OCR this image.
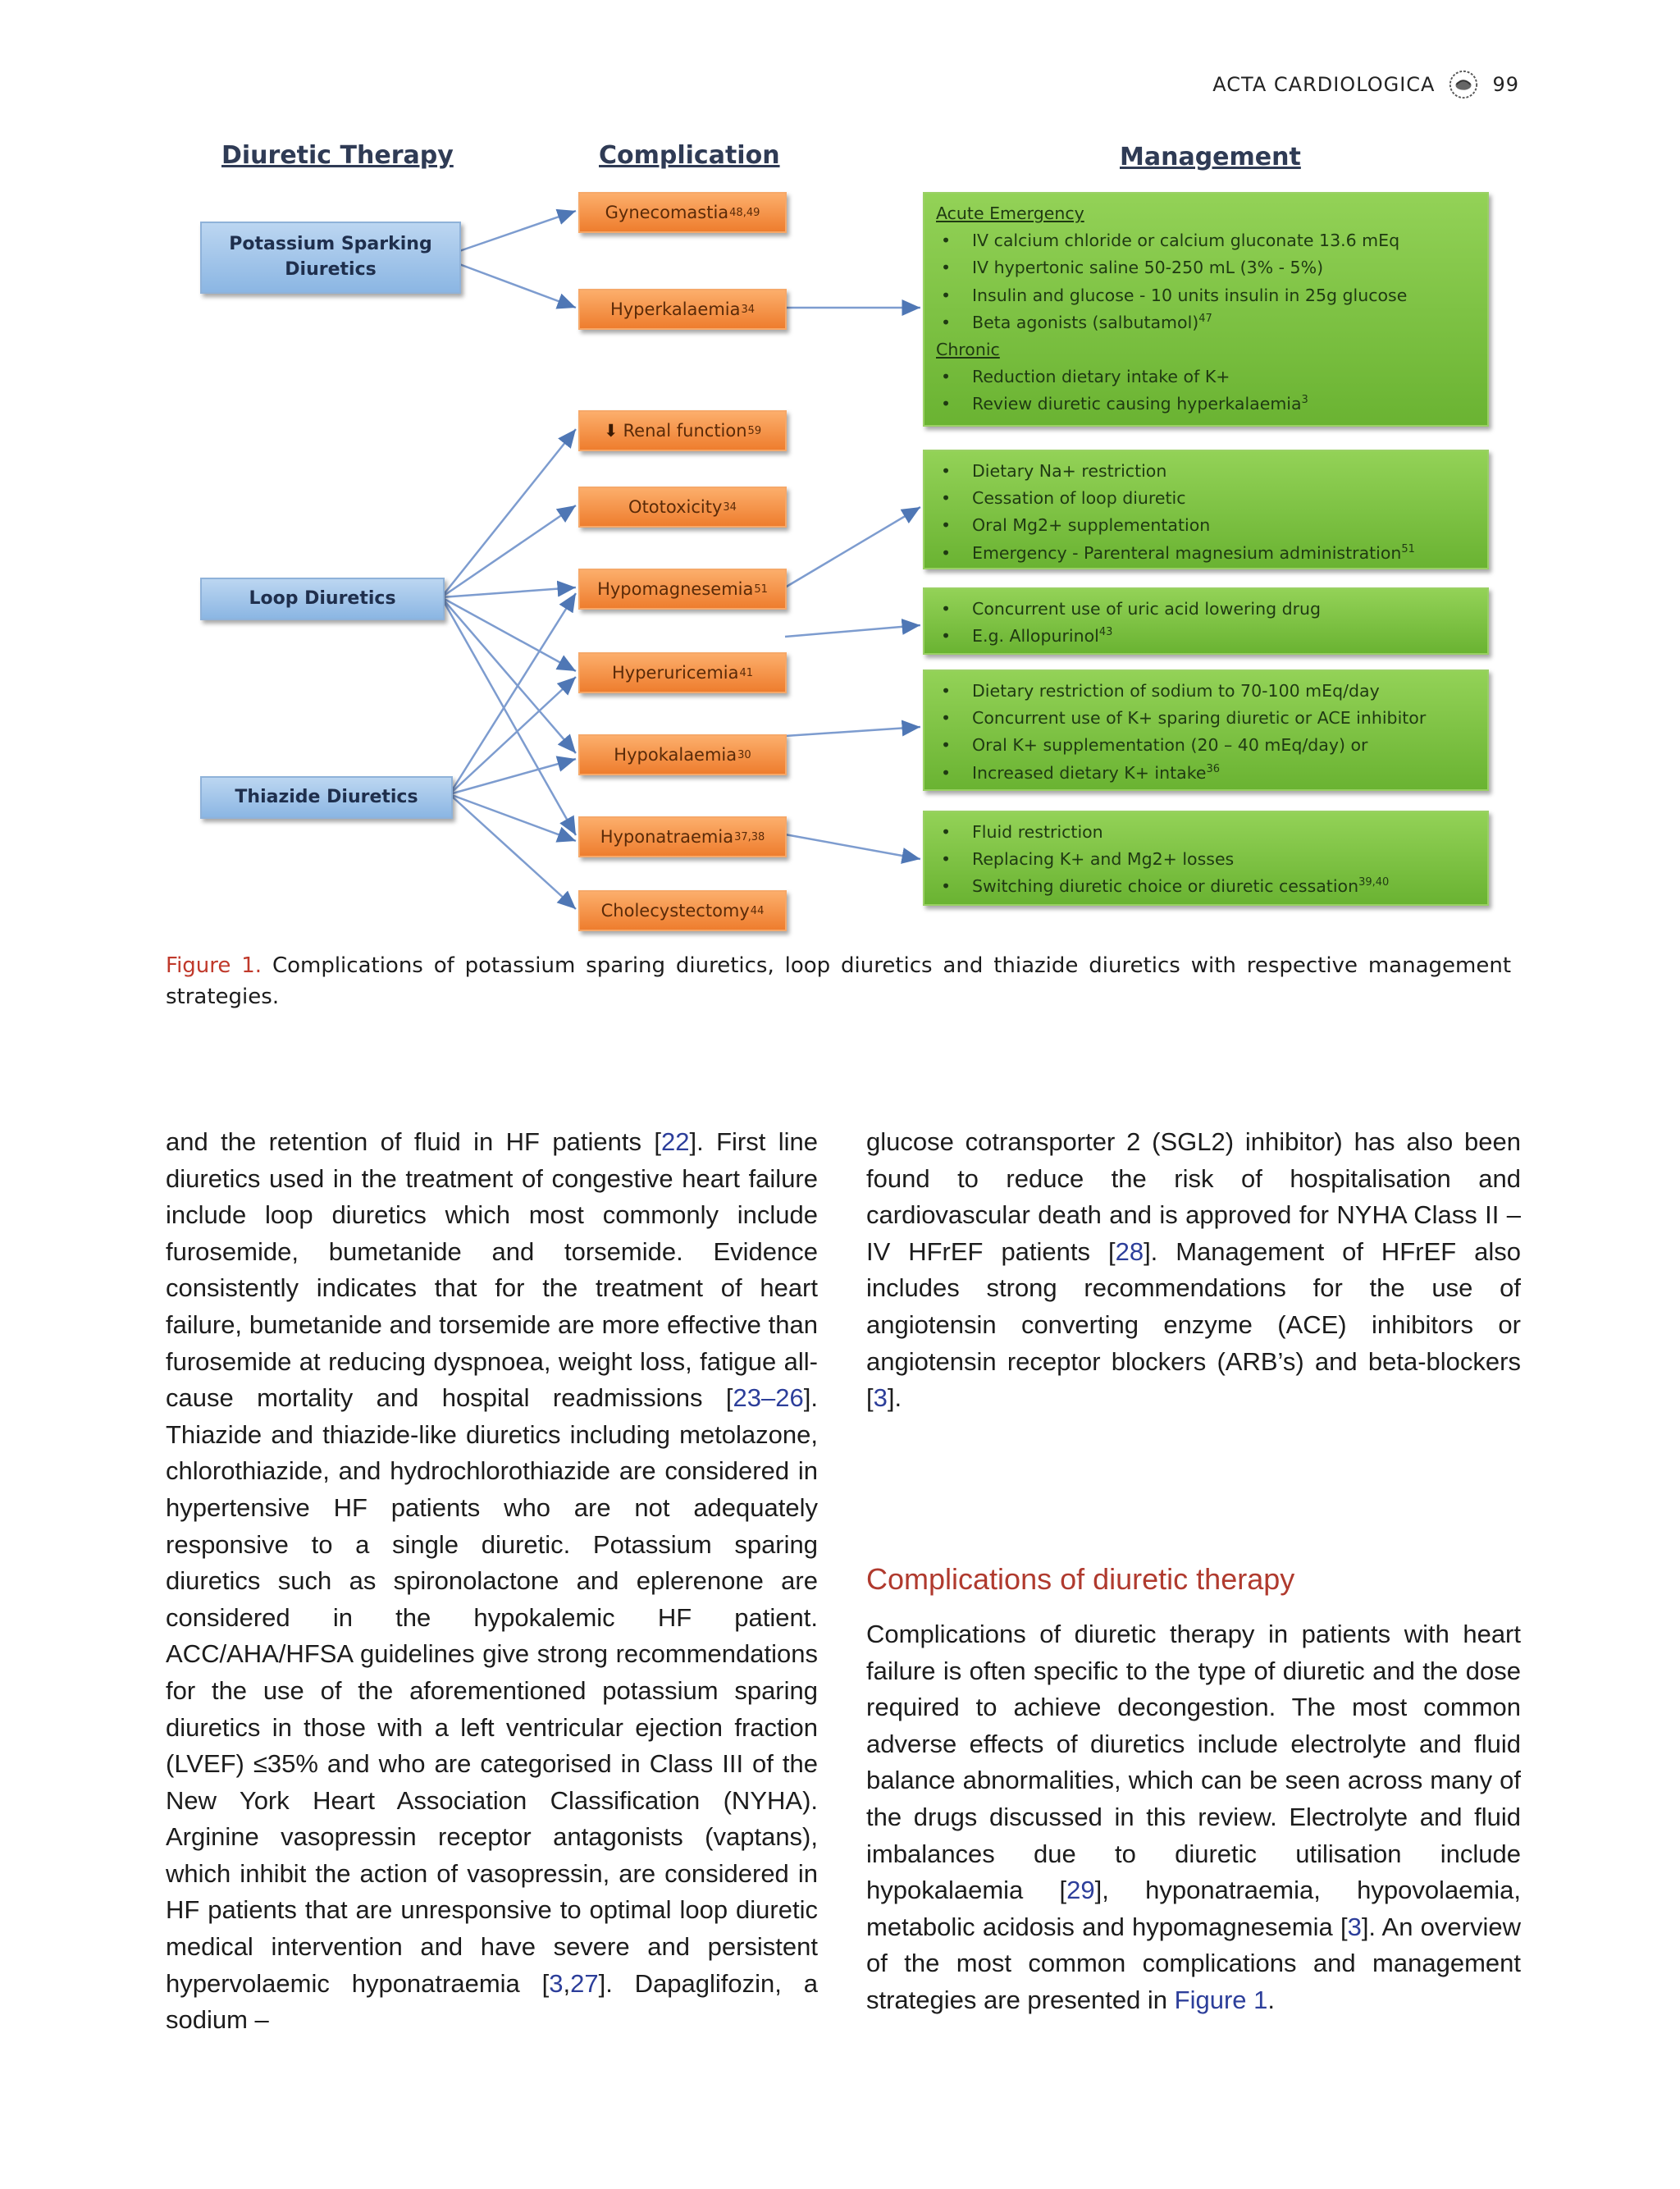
ACTA CARDIOLOGICA	99
Diuretic Therapy	Complication	Management
Potassium Sparking
Diuretics
Loop Diuretics
Thiazide Diuretics
Gynecomastia 48,49
Hyperkalaemia 34
⬇ Renal function 59
Ototoxicity 34
Hypomagnesemia 51
Hyperuricemia 41
Hypokalaemia 30
Hyponatraemia 37,38
Cholecystectomy 44
Acute Emergency
• IV calcium chloride or calcium gluconate 13.6 mEq
• IV hypertonic saline 50-250 mL (3% - 5%)
• Insulin and glucose - 10 units insulin in 25g glucose
• Beta agonists (salbutamol)$^{47}$
Chronic
• Reduction dietary intake of K+
• Review diuretic causing hyperkalaemia$^3$
• Dietary Na+ restriction
• Cessation of loop diuretic
• Oral Mg2+ supplementation
• Emergency - Parenteral magnesium administration$^{51}$
• Concurrent use of uric acid lowering drug
• E.g. Allopurinol$^{43}$
• Dietary restriction of sodium to 70-100 mEq/day
• Concurrent use of K+ sparing diuretic or ACE inhibitor
• Oral K+ supplementation (20 – 40 mEq/day) or
• Increased dietary K+ intake$^{36}$
• Fluid restriction
• Replacing K+ and Mg2+ losses
• Switching diuretic choice or diuretic cessation$^{39,40}$
Figure 1. Complications of potassium sparing diuretics, loop diuretics and thiazide diuretics with respective management strategies.
and the retention of fluid in HF patients [22]. First line diuretics used in the treatment of congestive heart failure include loop diuretics which most commonly include furosemide, bumetanide and torsemide. Evidence consistently indicates that for the treatment of heart failure, bumetanide and torsemide are more effective than furosemide at reducing dyspnoea, weight loss, fatigue all-cause mortality and hospital readmissions [23–26]. Thiazide and thiazide-like diuretics including metolazone, chlorothiazide, and hydrochlorothiazide are considered in hypertensive HF patients who are not adequately responsive to a single diuretic. Potassium sparing diuretics such as spironolactone and eplerenone are considered in the hypokalemic HF patient. ACC/AHA/HFSA guidelines give strong recommendations for the use of the aforementioned potassium sparing diuretics in those with a left ventricular ejection fraction (LVEF) ≤35% and who are categorised in Class III of the New York Heart Association Classification (NYHA). Arginine vasopressin receptor antagonists (vaptans), which inhibit the action of vasopressin, are considered in HF patients that are unresponsive to optimal loop diuretic medical intervention and have severe and persistent hypervolaemic hyponatraemia [3,27]. Dapaglifozin, a sodium –
glucose cotransporter 2 (SGL2) inhibitor) has also been found to reduce the risk of hospitalisation and cardiovascular death and is approved for NYHA Class II – IV HFrEF patients [28]. Management of HFrEF also includes strong recommendations for the use of angiotensin converting enzyme (ACE) inhibitors or angiotensin receptor blockers (ARB’s) and beta-blockers [3].
Complications of diuretic therapy
Complications of diuretic therapy in patients with heart failure is often specific to the type of diuretic and the dose required to achieve decongestion. The most common adverse effects of diuretics include electrolyte and fluid balance abnormalities, which can be seen across many of the drugs discussed in this review. Electrolyte and fluid imbalances due to diuretic utilisation include hypokalaemia [29], hyponatraemia, hypovolaemia, metabolic acidosis and hypomagnesemia [3]. An overview of the most common complications and management strategies are presented in Figure 1.
